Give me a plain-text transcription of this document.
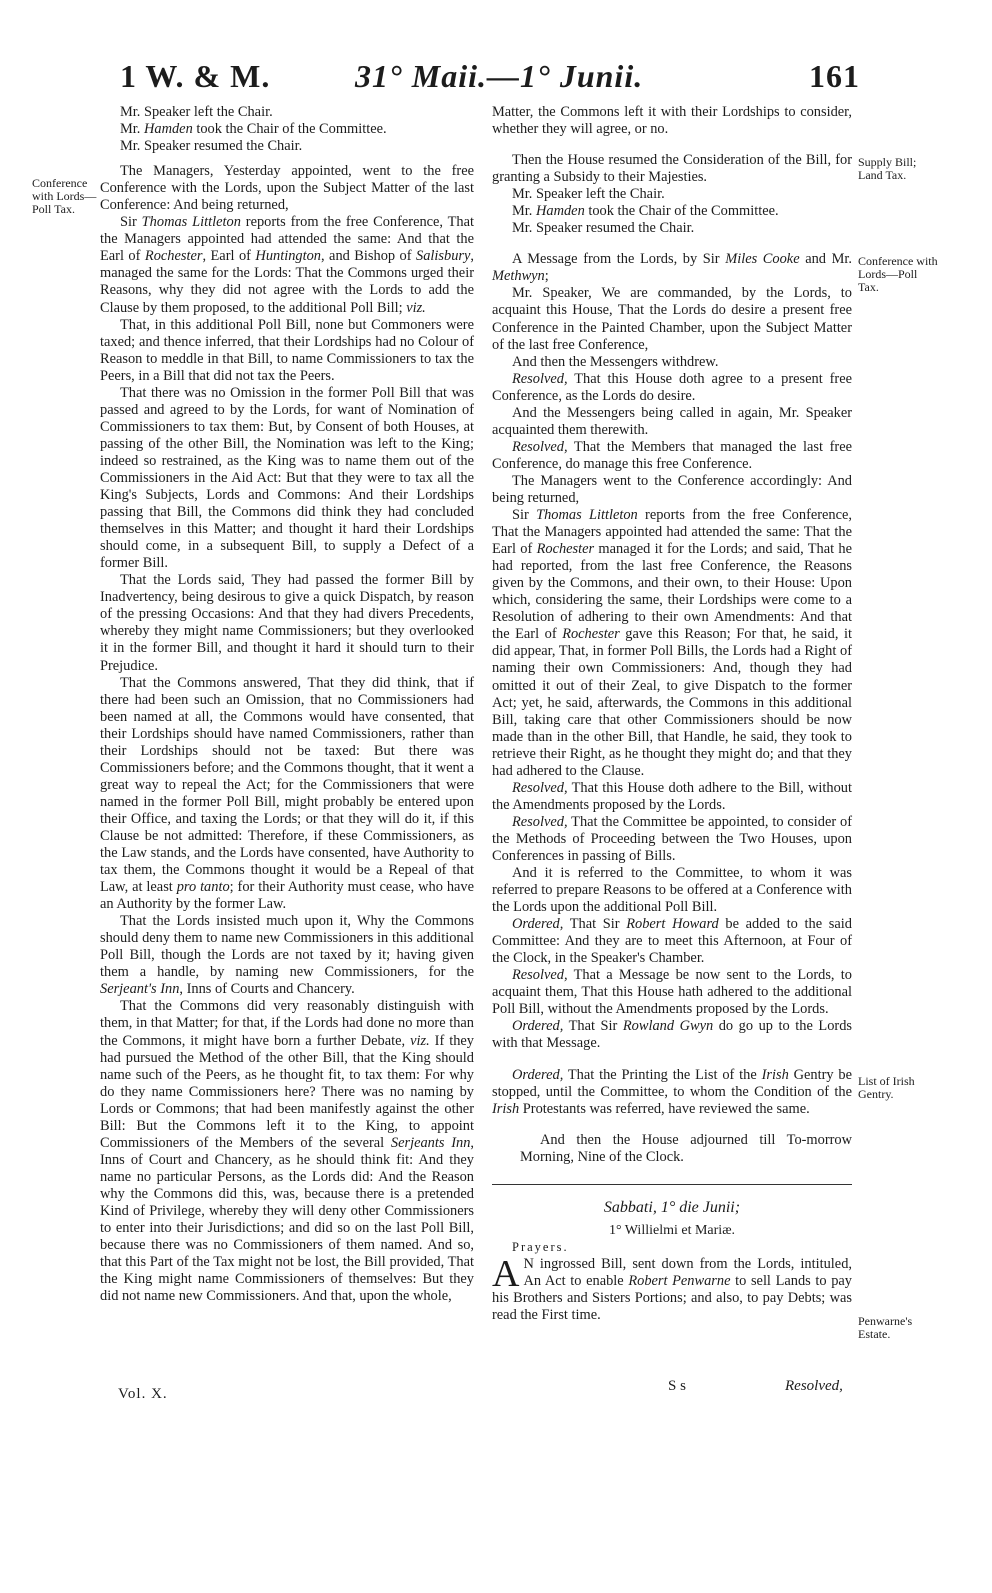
1 W. & M.	31° Maii.—1° Junii.	161
Conference with Lords—Poll Tax.
Supply Bill; Land Tax.
Conference with Lords—Poll Tax.
List of Irish Gentry.
Penwarne's Estate.

Mr. Speaker left the Chair.

Mr. Hamden took the Chair of the Committee.

Mr. Speaker resumed the Chair.

The Managers, Yesterday appointed, went to the free Conference with the Lords, upon the Subject Matter of the last Conference: And being returned,

Sir Thomas Littleton reports from the free Conference, That the Managers appointed had attended the same: And that the Earl of Rochester, Earl of Huntington, and Bishop of Salisbury, managed the same for the Lords: That the Commons urged their Reasons, why they did not agree with the Lords to add the Clause by them proposed, to the additional Poll Bill; viz.

That, in this additional Poll Bill, none but Commoners were taxed; and thence inferred, that their Lordships had no Colour of Reason to meddle in that Bill, to name Commissioners to tax the Peers, in a Bill that did not tax the Peers.

That there was no Omission in the former Poll Bill that was passed and agreed to by the Lords, for want of Nomination of Commissioners to tax them: But, by Consent of both Houses, at passing of the other Bill, the Nomination was left to the King; indeed so restrained, as the King was to name them out of the Commissioners in the Aid Act: But that they were to tax all the King's Subjects, Lords and Commons: And their Lordships passing that Bill, the Commons did think they had concluded themselves in this Matter; and thought it hard their Lordships should come, in a subsequent Bill, to supply a Defect of a former Bill.

That the Lords said, They had passed the former Bill by Inadvertency, being desirous to give a quick Dispatch, by reason of the pressing Occasions: And that they had divers Precedents, whereby they might name Commissioners; but they overlooked it in the former Bill, and thought it hard it should turn to their Prejudice.

That the Commons answered, That they did think, that if there had been such an Omission, that no Commissioners had been named at all, the Commons would have consented, that their Lordships should have named Commissioners, rather than their Lordships should not be taxed: But there was Commissioners before; and the Commons thought, that it went a great way to repeal the Act; for the Commissioners that were named in the former Poll Bill, might probably be entered upon their Office, and taxing the Lords; or that they will do it, if this Clause be not admitted: Therefore, if these Commissioners, as the Law stands, and the Lords have consented, have Authority to tax them, the Commons thought it would be a Repeal of that Law, at least pro tanto; for their Authority must cease, who have an Authority by the former Law.

That the Lords insisted much upon it, Why the Commons should deny them to name new Commissioners in this additional Poll Bill, though the Lords are not taxed by it; having given them a handle, by naming new Commissioners, for the Serjeant's Inn, Inns of Courts and Chancery.

That the Commons did very reasonably distinguish with them, in that Matter; for that, if the Lords had done no more than the Commons, it might have born a further Debate, viz. If they had pursued the Method of the other Bill, that the King should name such of the Peers, as he thought fit, to tax them: For why do they name Commissioners here? There was no naming by Lords or Commons; that had been manifestly against the other Bill: But the Commons left it to the King, to appoint Commissioners of the Members of the several Serjeants Inn, Inns of Court and Chancery, as he should think fit: And they name no particular Persons, as the Lords did: And the Reason why the Commons did this, was, because there is a pretended Kind of Privilege, whereby they will deny other Commissioners to enter into their Jurisdictions; and did so on the last Poll Bill, because there was no Commissioners of them named. And so, that this Part of the Tax might not be lost, the Bill provided, That the King might name Commissioners of themselves: But they did not name new Commissioners. And that, upon the whole,

Matter, the Commons left it with their Lordships to consider, whether they will agree, or no.

Then the House resumed the Consideration of the Bill, for granting a Subsidy to their Majesties.

Mr. Speaker left the Chair.

Mr. Hamden took the Chair of the Committee.

Mr. Speaker resumed the Chair.

A Message from the Lords, by Sir Miles Cooke and Mr. Methwyn;

Mr. Speaker, We are commanded, by the Lords, to acquaint this House, That the Lords do desire a present free Conference in the Painted Chamber, upon the Subject Matter of the last free Conference,

And then the Messengers withdrew.

Resolved, That this House doth agree to a present free Conference, as the Lords do desire.

And the Messengers being called in again, Mr. Speaker acquainted them therewith.

Resolved, That the Members that managed the last free Conference, do manage this free Conference.

The Managers went to the Conference accordingly: And being returned,

Sir Thomas Littleton reports from the free Conference, That the Managers appointed had attended the same: That the Earl of Rochester managed it for the Lords; and said, That he had reported, from the last free Conference, the Reasons given by the Commons, and their own, to their House: Upon which, considering the same, their Lordships were come to a Resolution of adhering to their own Amendments: And that the Earl of Rochester gave this Reason; For that, he said, it did appear, That, in former Poll Bills, the Lords had a Right of naming their own Commissioners: And, though they had omitted it out of their Zeal, to give Dispatch to the former Act; yet, he said, afterwards, the Commons in this additional Bill, taking care that other Commissioners should be now made than in the other Bill, that Handle, he said, they took to retrieve their Right, as he thought they might do; and that they had adhered to the Clause.

Resolved, That this House doth adhere to the Bill, without the Amendments proposed by the Lords.

Resolved, That the Committee be appointed, to consider of the Methods of Proceeding between the Two Houses, upon Conferences in passing of Bills.

And it is referred to the Committee, to whom it was referred to prepare Reasons to be offered at a Conference with the Lords upon the additional Poll Bill.

Ordered, That Sir Robert Howard be added to the said Committee: And they are to meet this Afternoon, at Four of the Clock, in the Speaker's Chamber.

Resolved, That a Message be now sent to the Lords, to acquaint them, That this House hath adhered to the additional Poll Bill, without the Amendments proposed by the Lords.

Ordered, That Sir Rowland Gwyn do go up to the Lords with that Message.

Ordered, That the Printing the List of the Irish Gentry be stopped, until the Committee, to whom the Condition of the Irish Protestants was referred, have reviewed the same.

And then the House adjourned till To-morrow Morning, Nine of the Clock.

Sabbati, 1° die Junii;
1° Willielmi et Mariæ.

Prayers.

A N ingrossed Bill, sent down from the Lords, intituled, An Act to enable Robert Penwarne to sell Lands to pay his Brothers and Sisters Portions; and also, to pay Debts; was read the First time.

Vol. X.	S s	Resolved,
